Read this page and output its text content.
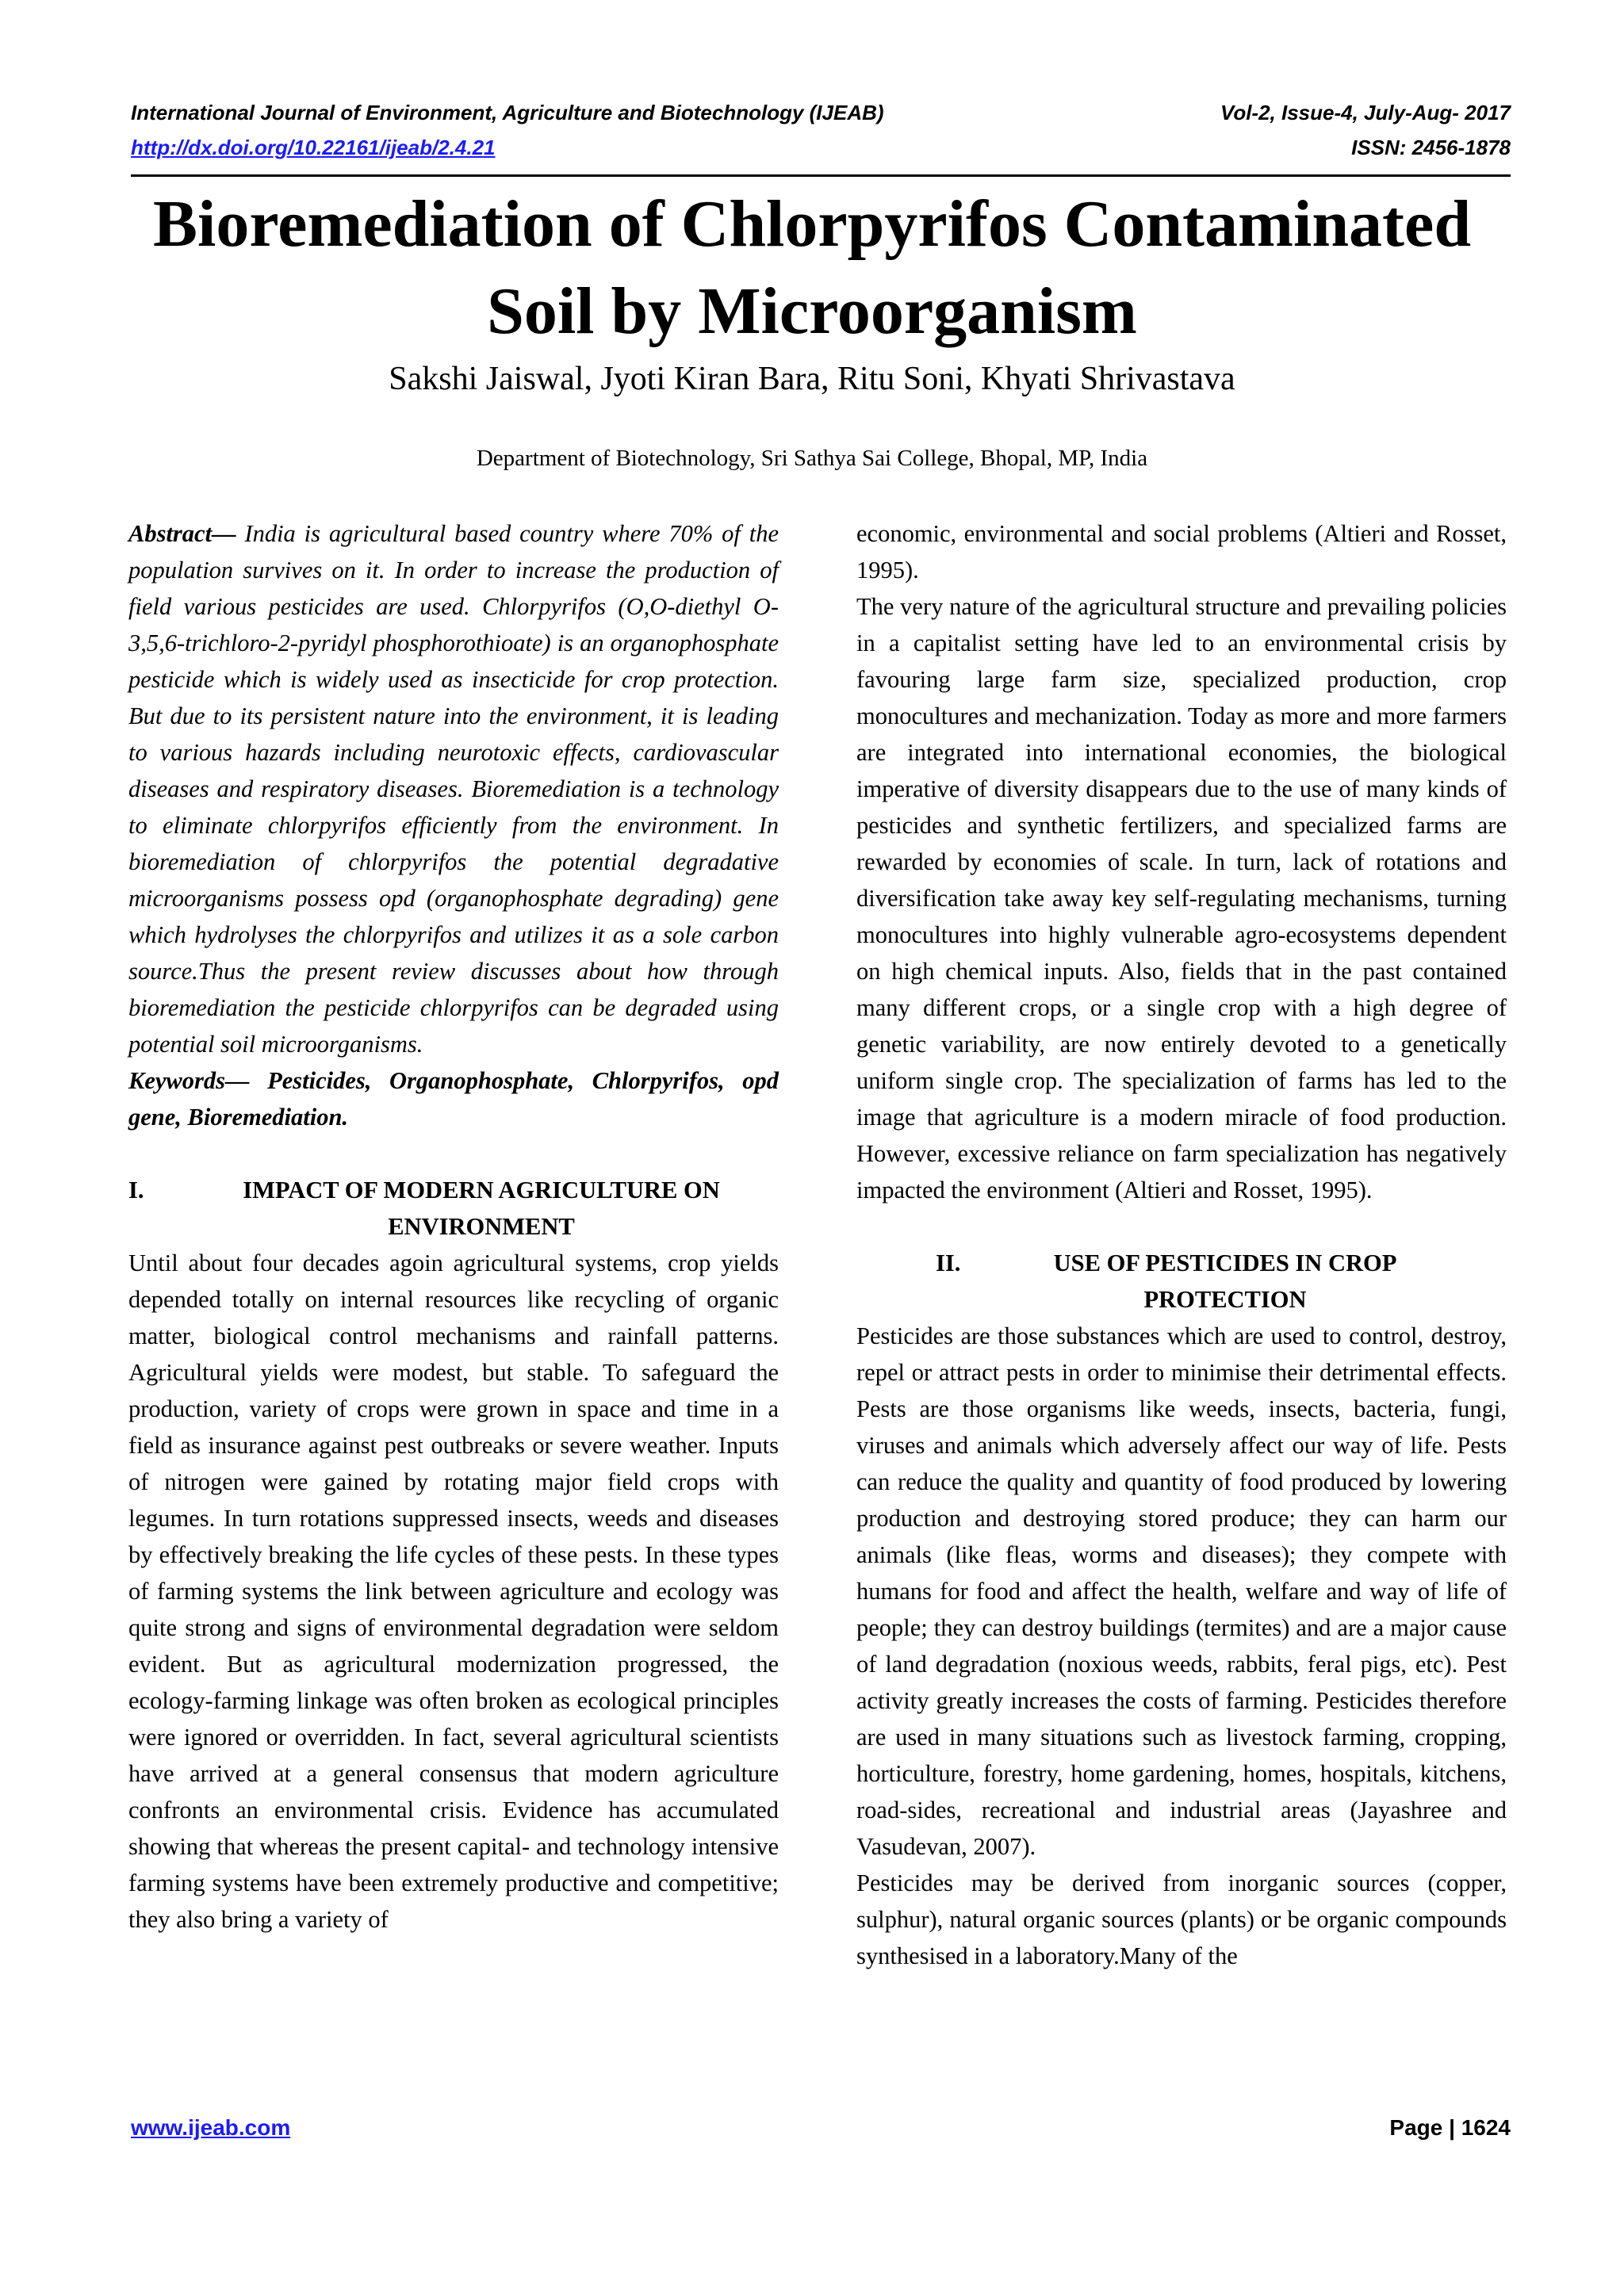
International Journal of Environment, Agriculture and Biotechnology (IJEAB)	Vol-2, Issue-4, July-Aug- 2017
http://dx.doi.org/10.22161/ijeab/2.4.21	ISSN: 2456-1878
Bioremediation of Chlorpyrifos Contaminated
Soil by Microorganism
Sakshi Jaiswal, Jyoti Kiran Bara, Ritu Soni, Khyati Shrivastava
Department of Biotechnology, Sri Sathya Sai College, Bhopal, MP, India

Abstract— India is agricultural based country where 70% of the population survives on it. In order to increase the production of field various pesticides are used. Chlorpyrifos (O,O-diethyl O-3,5,6-trichloro-2-pyridyl phosphorothioate) is an organophosphate pesticide which is widely used as insecticide for crop protection. But due to its persistent nature into the environment, it is leading to various hazards including neurotoxic effects, cardiovascular diseases and respiratory diseases. Bioremediation is a technology to eliminate chlorpyrifos efficiently from the environment. In bioremediation of chlorpyrifos the potential degradative microorganisms possess opd (organophosphate degrading) gene which hydrolyses the chlorpyrifos and utilizes it as a sole carbon source.Thus the present review discusses about how through bioremediation the pesticide chlorpyrifos can be degraded using potential soil microorganisms.

Keywords— Pesticides, Organophosphate, Chlorpyrifos, opd gene, Bioremediation.

I.	IMPACT OF MODERN AGRICULTURE ON
ENVIRONMENT

Until about four decades agoin agricultural systems, crop yields depended totally on internal resources like recycling of organic matter, biological control mechanisms and rainfall patterns. Agricultural yields were modest, but stable. To safeguard the production, variety of crops were grown in space and time in a field as insurance against pest outbreaks or severe weather. Inputs of nitrogen were gained by rotating major field crops with legumes. In turn rotations suppressed insects, weeds and diseases by effectively breaking the life cycles of these pests. In these types of farming systems the link between agriculture and ecology was quite strong and signs of environmental degradation were seldom evident. But as agricultural modernization progressed, the ecology-farming linkage was often broken as ecological principles were ignored or overridden. In fact, several agricultural scientists have arrived at a general consensus that modern agriculture confronts an environmental crisis. Evidence has accumulated showing that whereas the present capital- and technology intensive farming systems have been extremely productive and competitive; they also bring a variety of

economic, environmental and social problems (Altieri and Rosset, 1995).

The very nature of the agricultural structure and prevailing policies in a capitalist setting have led to an environmental crisis by favouring large farm size, specialized production, crop monocultures and mechanization. Today as more and more farmers are integrated into international economies, the biological imperative of diversity disappears due to the use of many kinds of pesticides and synthetic fertilizers, and specialized farms are rewarded by economies of scale. In turn, lack of rotations and diversification take away key self-regulating mechanisms, turning monocultures into highly vulnerable agro-ecosystems dependent on high chemical inputs. Also, fields that in the past contained many different crops, or a single crop with a high degree of genetic variability, are now entirely devoted to a genetically uniform single crop. The specialization of farms has led to the image that agriculture is a modern miracle of food production. However, excessive reliance on farm specialization has negatively impacted the environment (Altieri and Rosset, 1995).

II.	USE OF PESTICIDES IN CROP
PROTECTION

Pesticides are those substances which are used to control, destroy, repel or attract pests in order to minimise their detrimental effects. Pests are those organisms like weeds, insects, bacteria, fungi, viruses and animals which adversely affect our way of life. Pests can reduce the quality and quantity of food produced by lowering production and destroying stored produce; they can harm our animals (like fleas, worms and diseases); they compete with humans for food and affect the health, welfare and way of life of people; they can destroy buildings (termites) and are a major cause of land degradation (noxious weeds, rabbits, feral pigs, etc). Pest activity greatly increases the costs of farming. Pesticides therefore are used in many situations such as livestock farming, cropping, horticulture, forestry, home gardening, homes, hospitals, kitchens, road-sides, recreational and industrial areas (Jayashree and Vasudevan, 2007).

Pesticides may be derived from inorganic sources (copper, sulphur), natural organic sources (plants) or be organic compounds synthesised in a laboratory.Many of the

www.ijeab.com	Page | 1624
